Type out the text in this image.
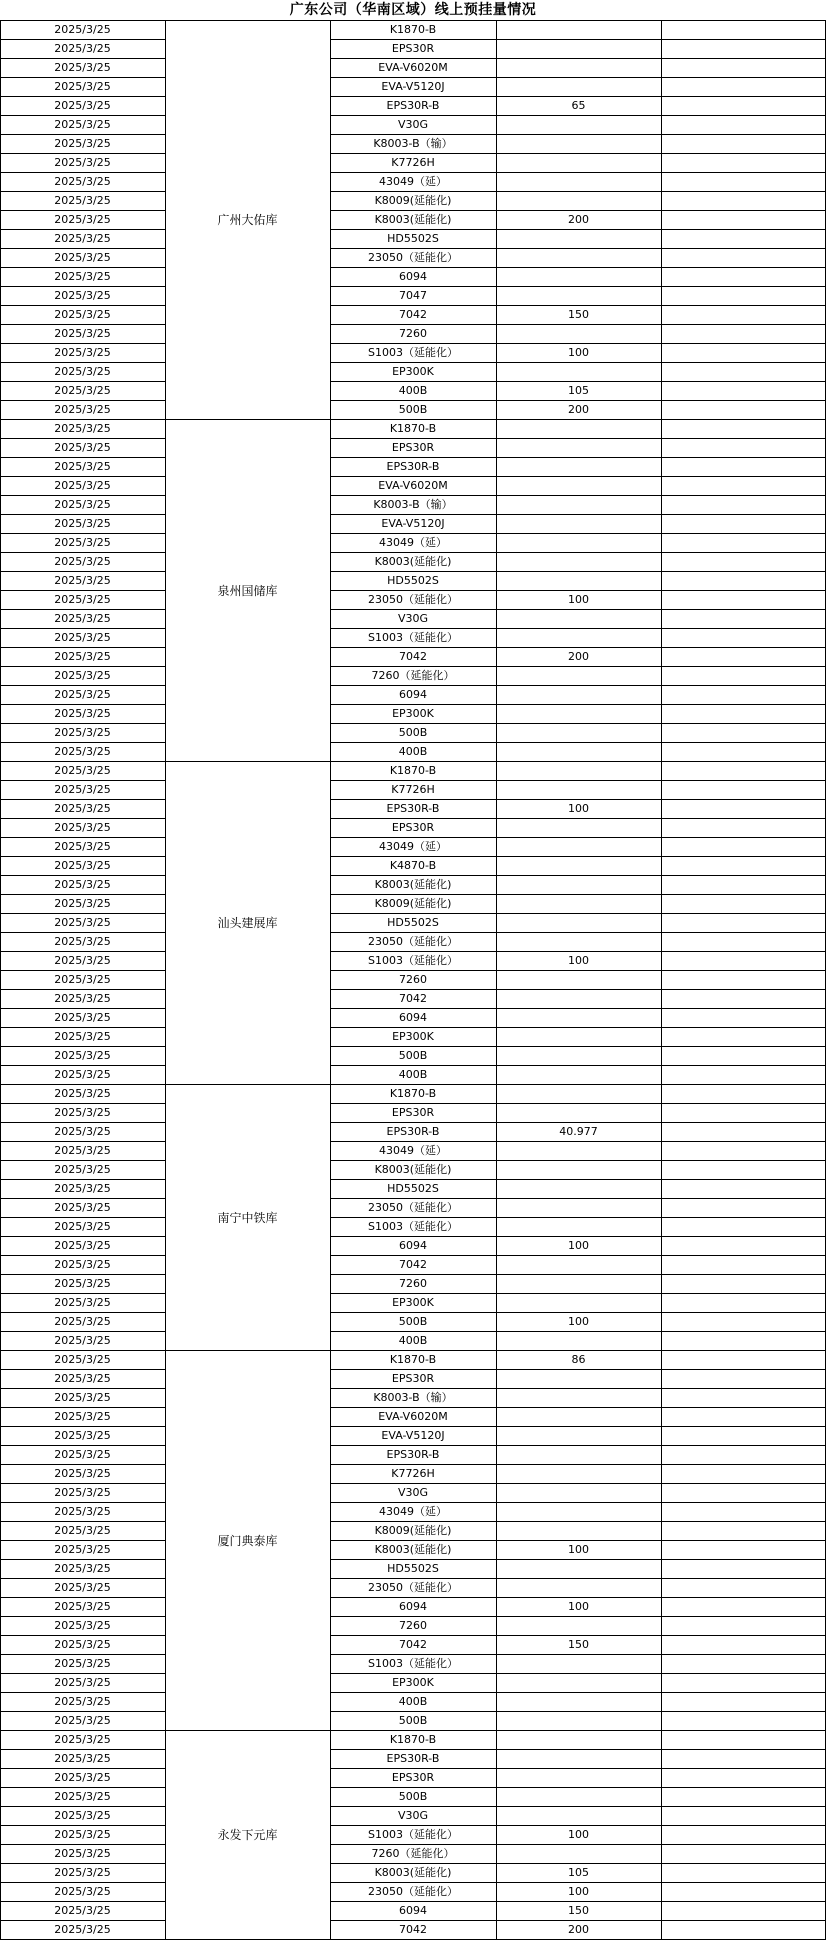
广东公司（华南区域）线上预挂量情况
2025/3/25	K1870-B
2025/3/25	EPS30R
2025/3/25	EVA-V6020M
2025/3/25	EVA-V5120J
2025/3/25	EPS30R-B	65
2025/3/25	V30G
2025/3/25	K8003-B（输）
2025/3/25	K7726H
2025/3/25	43049（延）
2025/3/25	K8009(延能化)
2025/3/25	K8003(延能化)	200
2025/3/25	HD5502S
2025/3/25	23050（延能化）
2025/3/25	6094
2025/3/25	7047
2025/3/25	7042	150
2025/3/25	7260
2025/3/25	S1003（延能化）	100
2025/3/25	EP300K
2025/3/25	400B	105
2025/3/25	500B	200
广州大佑库
2025/3/25	K1870-B
2025/3/25	EPS30R
2025/3/25	EPS30R-B
2025/3/25	EVA-V6020M
2025/3/25	K8003-B（输）
2025/3/25	EVA-V5120J
2025/3/25	43049（延）
2025/3/25	K8003(延能化)
2025/3/25	HD5502S
2025/3/25	23050（延能化）	100
2025/3/25	V30G
2025/3/25	S1003（延能化）
2025/3/25	7042	200
2025/3/25	7260（延能化）
2025/3/25	6094
2025/3/25	EP300K
2025/3/25	500B
2025/3/25	400B
泉州国储库
2025/3/25	K1870-B
2025/3/25	K7726H
2025/3/25	EPS30R-B	100
2025/3/25	EPS30R
2025/3/25	43049（延）
2025/3/25	K4870-B
2025/3/25	K8003(延能化)
2025/3/25	K8009(延能化)
2025/3/25	HD5502S
2025/3/25	23050（延能化）
2025/3/25	S1003（延能化）	100
2025/3/25	7260
2025/3/25	7042
2025/3/25	6094
2025/3/25	EP300K
2025/3/25	500B
2025/3/25	400B
汕头建展库
2025/3/25	K1870-B
2025/3/25	EPS30R
2025/3/25	EPS30R-B	40.977
2025/3/25	43049（延）
2025/3/25	K8003(延能化)
2025/3/25	HD5502S
2025/3/25	23050（延能化）
2025/3/25	S1003（延能化）
2025/3/25	6094	100
2025/3/25	7042
2025/3/25	7260
2025/3/25	EP300K
2025/3/25	500B	100
2025/3/25	400B
南宁中铁库
2025/3/25	K1870-B	86
2025/3/25	EPS30R
2025/3/25	K8003-B（输）
2025/3/25	EVA-V6020M
2025/3/25	EVA-V5120J
2025/3/25	EPS30R-B
2025/3/25	K7726H
2025/3/25	V30G
2025/3/25	43049（延）
2025/3/25	K8009(延能化)
2025/3/25	K8003(延能化)	100
2025/3/25	HD5502S
2025/3/25	23050（延能化）
2025/3/25	6094	100
2025/3/25	7260
2025/3/25	7042	150
2025/3/25	S1003（延能化）
2025/3/25	EP300K
2025/3/25	400B
2025/3/25	500B
厦门典泰库
2025/3/25	K1870-B
2025/3/25	EPS30R-B
2025/3/25	EPS30R
2025/3/25	500B
2025/3/25	V30G
2025/3/25	S1003（延能化）	100
2025/3/25	7260（延能化）
2025/3/25	K8003(延能化)	105
2025/3/25	23050（延能化）	100
2025/3/25	6094	150
2025/3/25	7042	200
永发下元库
